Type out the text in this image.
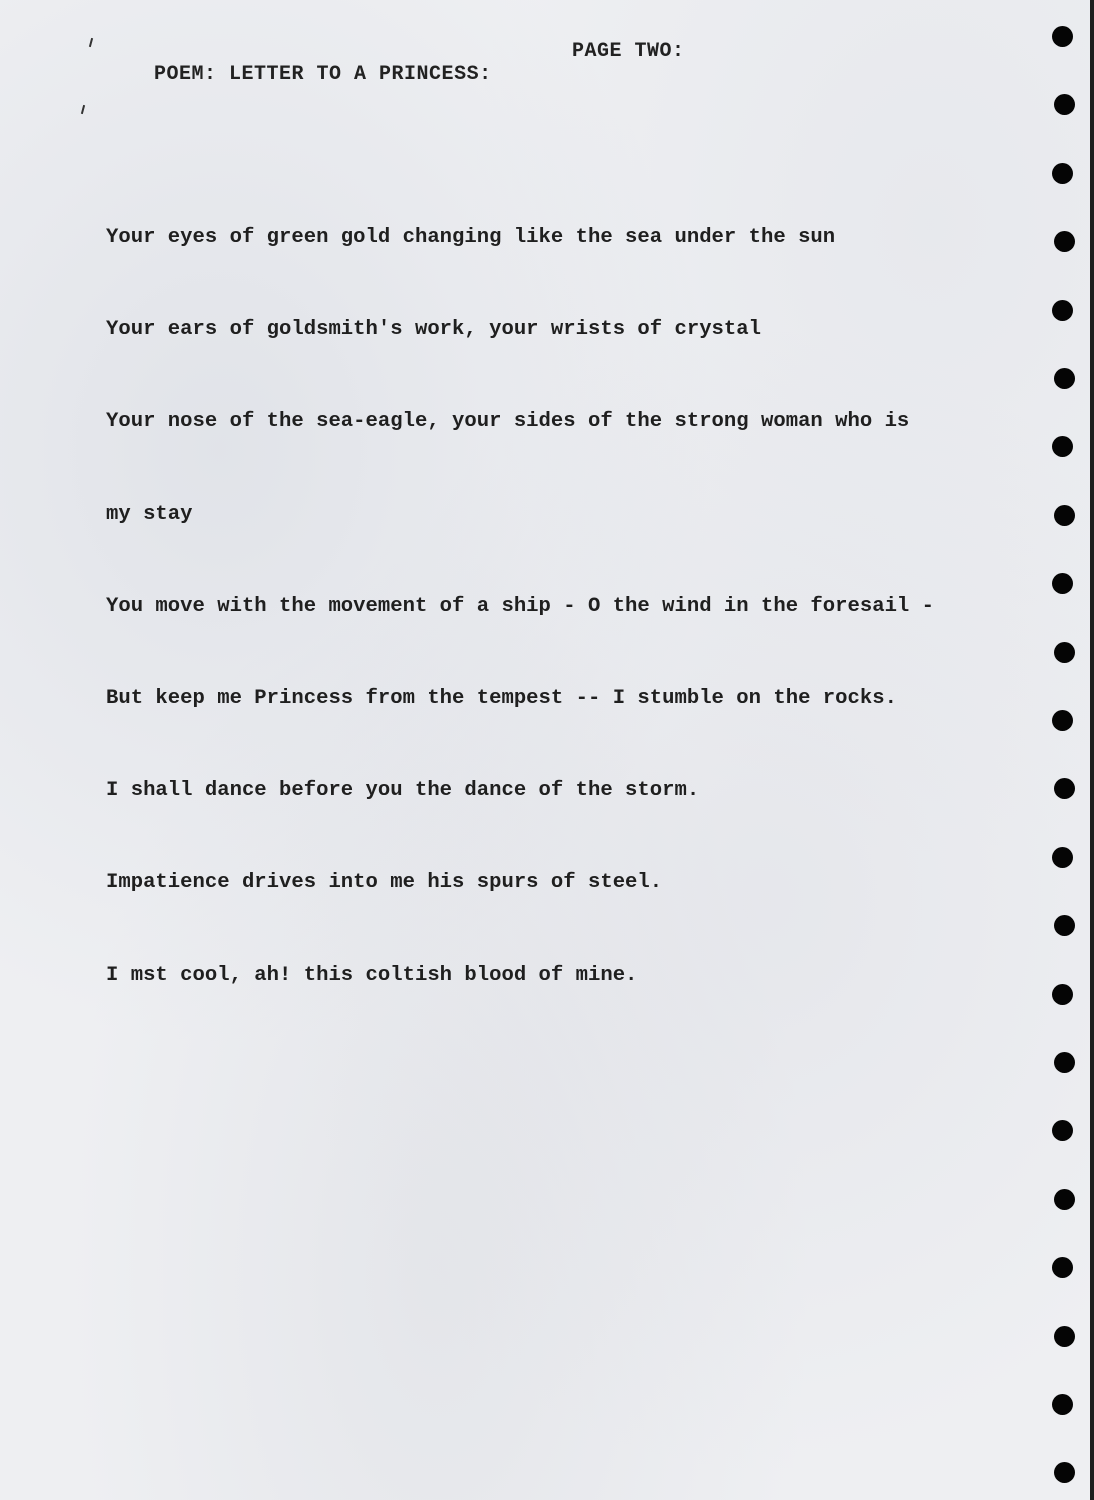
POEM: LETTER TO A PRINCESS:

PAGE TWO:

Your eyes of green gold changing like the sea under the sun

Your ears of goldsmith's work, your wrists of crystal

Your nose of the sea-eagle, your sides of the strong woman who is

my stay

You move with the movement of a ship - O the wind in the foresail -

But keep me Princess from the tempest -- I stumble on the rocks.

I shall dance before you the dance of the storm.

Impatience drives into me his spurs of steel.

I mst cool, ah! this coltish blood of mine.
